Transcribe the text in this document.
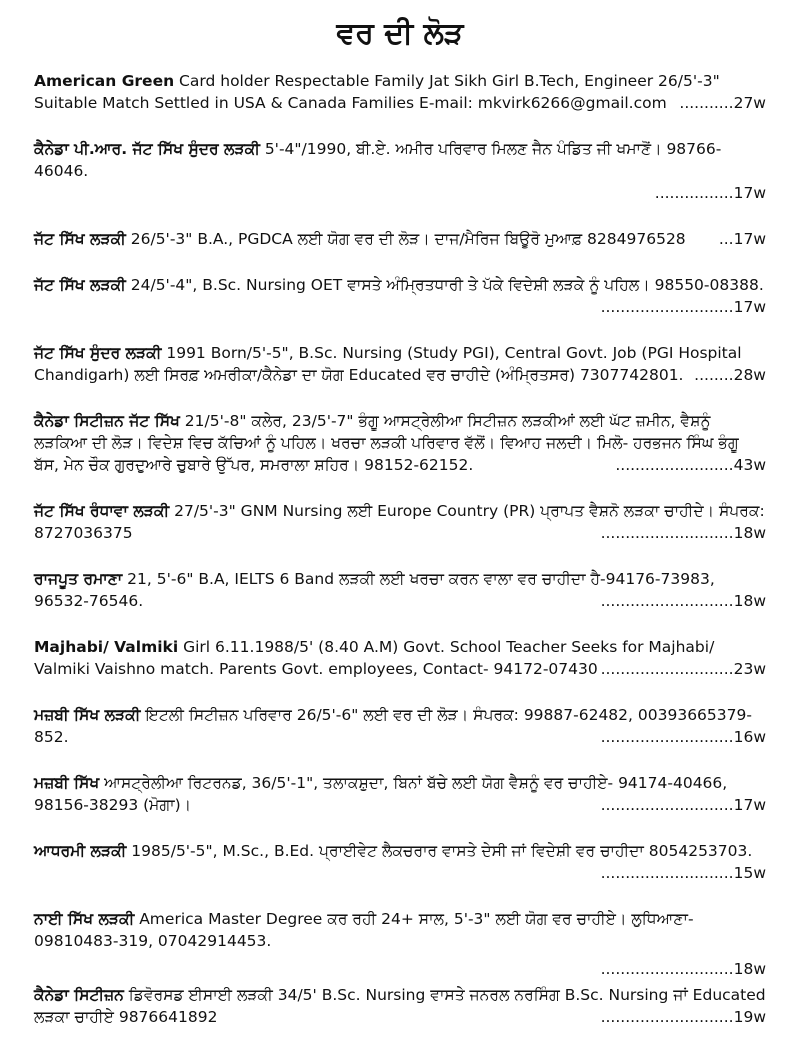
ਵਰ ਦੀ ਲੋੜ
American Green Card holder Respectable Family Jat Sikh Girl B.Tech, Engineer 26/5'-3" Suitable Match Settled in USA & Canada Families E-mail: mkvirk6266@gmail.com ...........27w
ਕੈਨੇਡਾ ਪੀ.ਆਰ. ਜੱਟ ਸਿੱਖ ਸੁੰਦਰ ਲੜਕੀ 5'-4"/1990, ਬੀ.ਏ. ਅਮੀਰ ਪਰਿਵਾਰ ਮਿਲਣ ਜੈਨ ਪੰਡਿਤ ਜੀ ਖਮਾਣੋਂ। 98766-46046.
................17w
ਜੱਟ ਸਿੱਖ ਲੜਕੀ 26/5'-3" B.A., PGDCA ਲਈ ਯੋਗ ਵਰ ਦੀ ਲੋੜ। ਦਾਜ/ਮੈਰਿਜ ਬਿਊਰੋ ਮੁਆਫ਼ 8284976528	...17w
ਜੱਟ ਸਿੱਖ ਲੜਕੀ 24/5'-4", B.Sc. Nursing OET ਵਾਸਤੇ ਅੰਮ੍ਰਿਤਧਾਰੀ ਤੇ ਪੱਕੇ ਵਿਦੇਸ਼ੀ ਲੜਕੇ ਨੂੰ ਪਹਿਲ। 98550-08388.
...........................17w
ਜੱਟ ਸਿੱਖ ਸੁੰਦਰ ਲੜਕੀ 1991 Born/5'-5", B.Sc. Nursing (Study PGI), Central Govt. Job (PGI Hospital Chandigarh) ਲਈ ਸਿਰਫ਼ ਅਮਰੀਕਾ/ਕੈਨੇਡਾ ਦਾ ਯੋਗ Educated ਵਰ ਚਾਹੀਦੇ (ਅੰਮ੍ਰਿਤਸਰ) 7307742801. ........28w
ਕੈਨੇਡਾ ਸਿਟੀਜ਼ਨ ਜੱਟ ਸਿੱਖ 21/5'-8" ਕਲੇਰ, 23/5'-7" ਭੰਗੂ ਆਸਟ੍ਰੇਲੀਆ ਸਿਟੀਜ਼ਨ ਲੜਕੀਆਂ ਲਈ ਘੱਟ ਜ਼ਮੀਨ, ਵੈਸ਼ਨੂੰ ਲੜਕਿਆ ਦੀ ਲੋੜ। ਵਿਦੇਸ਼ ਵਿਚ ਕੱਚਿਆਂ ਨੂੰ ਪਹਿਲ। ਖਰਚਾ ਲੜਕੀ ਪਰਿਵਾਰ ਵੱਲੋਂ। ਵਿਆਹ ਜਲਦੀ। ਮਿਲੋ- ਹਰਭਜਨ ਸਿੰਘ ਭੰਗੂ ਬੱਸ, ਮੇਨ ਚੌਕ ਗੁਰਦੁਆਰੇ ਚੁਬਾਰੇ ਉੱਪਰ, ਸਮਰਾਲਾ ਸ਼ਹਿਰ। 98152-62152.	........................43w
ਜੱਟ ਸਿੱਖ ਰੰਧਾਵਾ ਲੜਕੀ 27/5'-3" GNM Nursing ਲਈ Europe Country (PR) ਪ੍ਰਾਪਤ ਵੈਸ਼ਨੋ ਲੜਕਾ ਚਾਹੀਦੇ। ਸੰਪਰਕ: 8727036375	...........................18w
ਰਾਜਪੂਤ ਰਮਾਣਾ 21, 5'-6" B.A, IELTS 6 Band ਲੜਕੀ ਲਈ ਖਰਚਾ ਕਰਨ ਵਾਲਾ ਵਰ ਚਾਹੀਦਾ ਹੈ-94176-73983, 96532-76546.	...........................18w
Majhabi/ Valmiki Girl 6.11.1988/5' (8.40 A.M) Govt. School Teacher Seeks for Majhabi/ Valmiki Vaishno match. Parents Govt. employees, Contact- 94172-07430 ...........................23w
ਮਜ਼ਬੀ ਸਿੱਖ ਲੜਕੀ ਇਟਲੀ ਸਿਟੀਜ਼ਨ ਪਰਿਵਾਰ 26/5'-6" ਲਈ ਵਰ ਦੀ ਲੋੜ। ਸੰਪਰਕ: 99887-62482, 00393665379-852.	...........................16w
ਮਜ਼ਬੀ ਸਿੱਖ ਆਸਟ੍ਰੇਲੀਆ ਰਿਟਰਨਡ, 36/5'-1", ਤਲਾਕਸ਼ੁਦਾ, ਬਿਨਾਂ ਬੱਚੇ ਲਈ ਯੋਗ ਵੈਸ਼ਨੂੰ ਵਰ ਚਾਹੀਏ- 94174-40466, 98156-38293 (ਮੋਗਾ)।	...........................17w
ਆਧਰਮੀ ਲੜਕੀ 1985/5'-5", M.Sc., B.Ed. ਪ੍ਰਾਈਵੇਟ ਲੈਕਚਰਾਰ ਵਾਸਤੇ ਦੇਸੀ ਜਾਂ ਵਿਦੇਸ਼ੀ ਵਰ ਚਾਹੀਦਾ 8054253703.
...........................15w
ਨਾਈ ਸਿੱਖ ਲੜਕੀ America Master Degree ਕਰ ਰਹੀ 24+ ਸਾਲ, 5'-3" ਲਈ ਯੋਗ ਵਰ ਚਾਹੀਏ। ਲੁਧਿਆਣਾ- 09810483-319, 07042914453.
...........................18w
ਕੈਨੇਡਾ ਸਿਟੀਜ਼ਨ ਡਿਵੋਰਸਡ ਈਸਾਈ ਲੜਕੀ 34/5' B.Sc. Nursing ਵਾਸਤੇ ਜਨਰਲ ਨਰਸਿੰਗ B.Sc. Nursing ਜਾਂ Educated ਲੜਕਾ ਚਾਹੀਏ 9876641892	...........................19w
